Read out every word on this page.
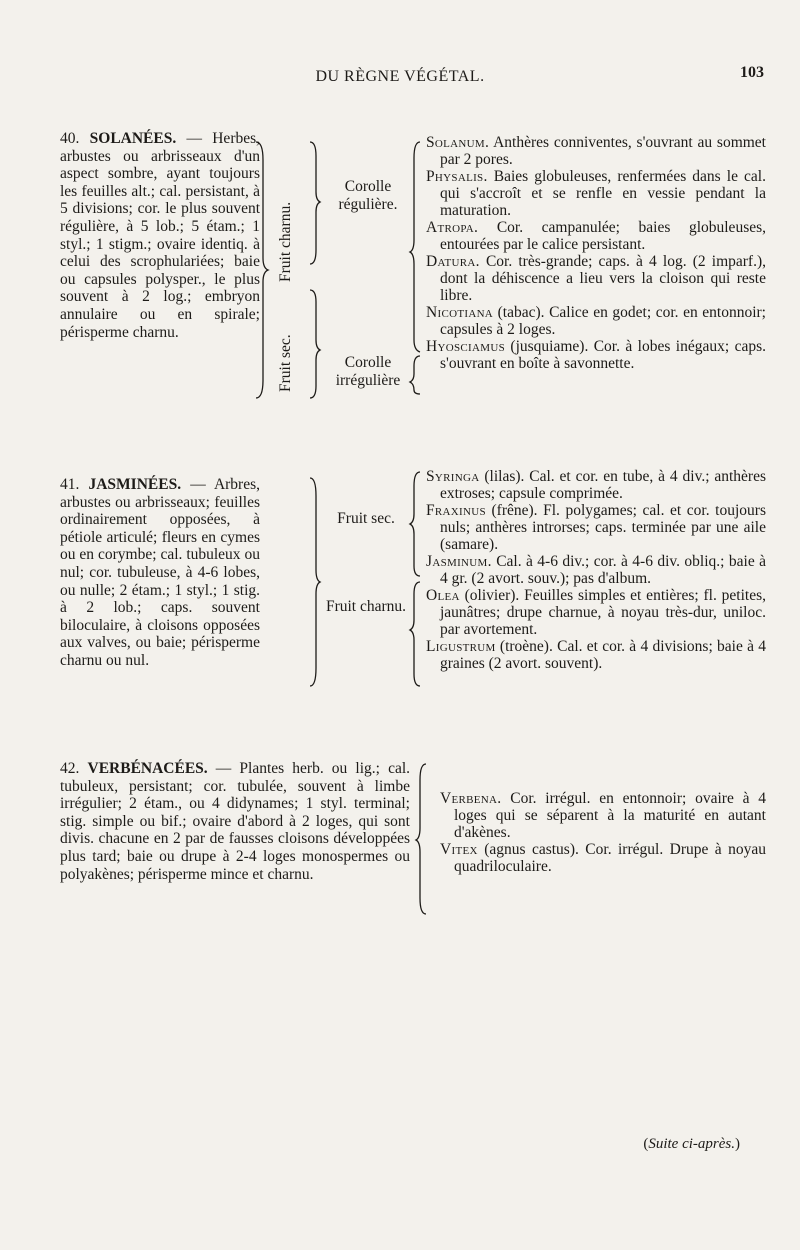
DU RÈGNE VÉGÉTAL.	103
40. SOLANÉES. — Herbes, arbustes ou arbrisseaux d'un aspect sombre, ayant toujours les feuilles alt.; cal. persistant, à 5 divisions; cor. le plus souvent régulière, à 5 lob.; 5 étam.; 1 styl.; 1 stigm.; ovaire identiq. à celui des scrophulariées; baie ou capsules polysper., le plus souvent à 2 log.; embryon annulaire ou en spirale; périsperme charnu.
Fruit charnu.
Fruit sec.
Corolle régulière.
Corolle irrégulière
Solanum. Anthères conniventes, s'ouvrant au sommet par 2 pores.
Physalis. Baies globuleuses, renfermées dans le cal. qui s'accroît et se renfle en vessie pendant la maturation.
Atropa. Cor. campanulée; baies globuleuses, entourées par le calice persistant.
Datura. Cor. très-grande; caps. à 4 log. (2 imparf.), dont la déhiscence a lieu vers la cloison qui reste libre.
Nicotiana (tabac). Calice en godet; cor. en entonnoir; capsules à 2 loges.
Hyosciamus (jusquiame). Cor. à lobes inégaux; caps. s'ouvrant en boîte à savonnette.
41. JASMINÉES. — Arbres, arbustes ou arbrisseaux; feuilles ordinairement opposées, à pétiole articulé; fleurs en cymes ou en corymbe; cal. tubuleux ou nul; cor. tubuleuse, à 4-6 lobes, ou nulle; 2 étam.; 1 styl.; 1 stig. à 2 lob.; caps. souvent biloculaire, à cloisons opposées aux valves, ou baie; périsperme charnu ou nul.
Fruit sec.
Fruit charnu.
Syringa (lilas). Cal. et cor. en tube, à 4 div.; anthères extroses; capsule comprimée.
Fraxinus (frêne). Fl. polygames; cal. et cor. toujours nuls; anthères introrses; caps. terminée par une aile (samare).
Jasminum. Cal. à 4-6 div.; cor. à 4-6 div. obliq.; baie à 4 gr. (2 avort. souv.); pas d'album.
Olea (olivier). Feuilles simples et entières; fl. petites, jaunâtres; drupe charnue, à noyau très-dur, uniloc. par avortement.
Ligustrum (troène). Cal. et cor. à 4 divisions; baie à 4 graines (2 avort. souvent).
42. VERBÉNACÉES. — Plantes herb. ou lig.; cal. tubuleux, persistant; cor. tubulée, souvent à limbe irrégulier; 2 étam., ou 4 didynames; 1 styl. terminal; stig. simple ou bif.; ovaire d'abord à 2 loges, qui sont divis. chacune en 2 par de fausses cloisons développées plus tard; baie ou drupe à 2-4 loges monospermes ou polyakènes; périsperme mince et charnu.
Verbena. Cor. irrégul. en entonnoir; ovaire à 4 loges qui se séparent à la maturité en autant d'akènes.
Vitex (agnus castus). Cor. irrégul. Drupe à noyau quadriloculaire.
(Suite ci-après.)
